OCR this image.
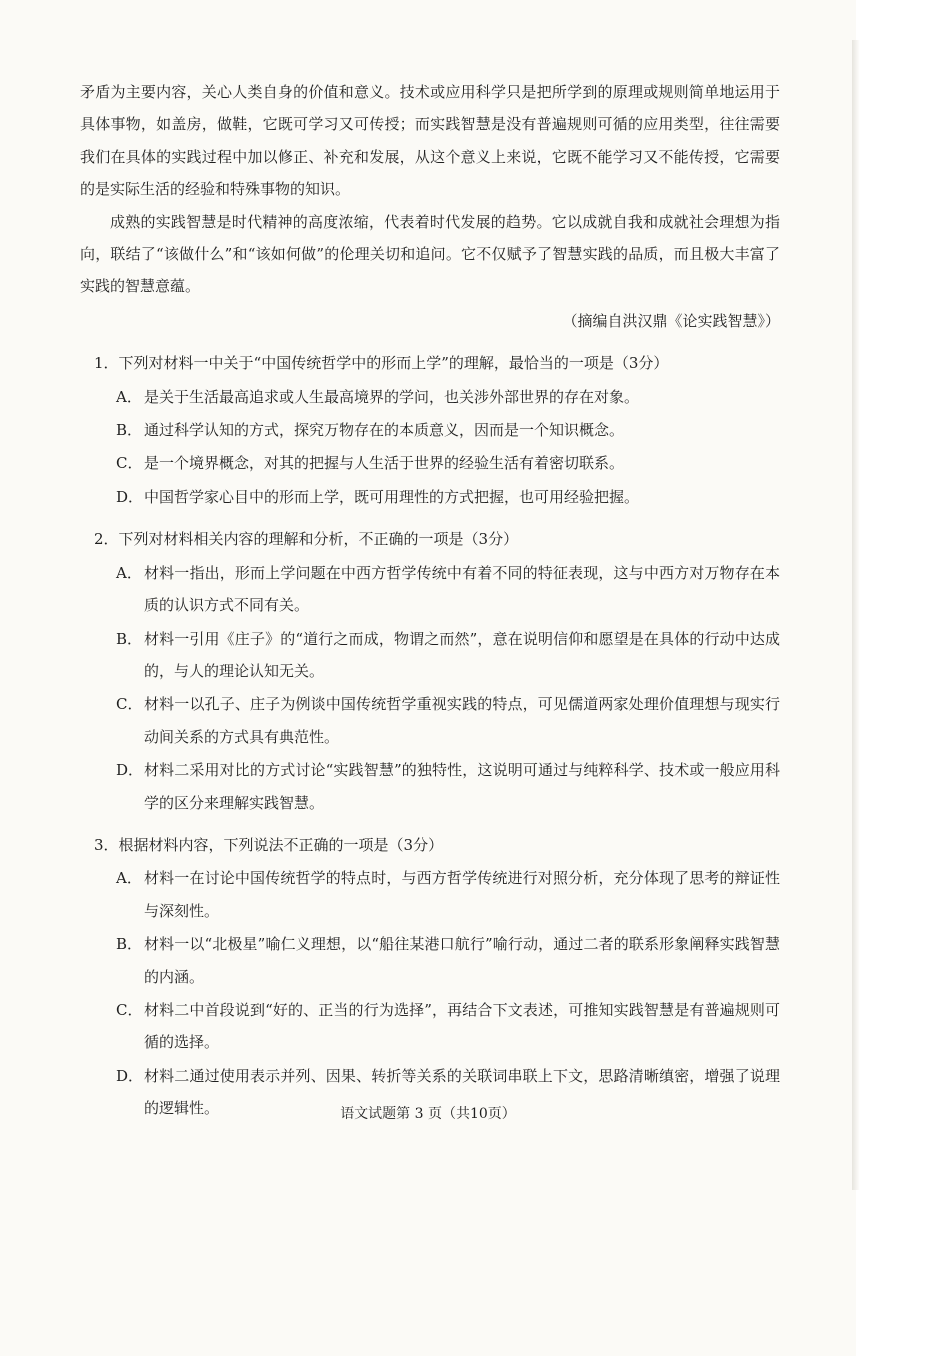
矛盾为主要内容，关心人类自身的价值和意义。技术或应用科学只是把所学到的原理或规则简单地运用于具体事物，如盖房，做鞋，它既可学习又可传授；而实践智慧是没有普遍规则可循的应用类型，往往需要我们在具体的实践过程中加以修正、补充和发展，从这个意义上来说，它既不能学习又不能传授，它需要的是实际生活的经验和特殊事物的知识。

成熟的实践智慧是时代精神的高度浓缩，代表着时代发展的趋势。它以成就自我和成就社会理想为指向，联结了“该做什么”和“该如何做”的伦理关切和追问。它不仅赋予了智慧实践的品质，而且极大丰富了实践的智慧意蕴。

（摘编自洪汉鼎《论实践智慧》）

1．下列对材料一中关于“中国传统哲学中的形而上学”的理解，最恰当的一项是（3分）

A． 是关于生活最高追求或人生最高境界的学问，也关涉外部世界的存在对象。

B． 通过科学认知的方式，探究万物存在的本质意义，因而是一个知识概念。

C． 是一个境界概念，对其的把握与人生活于世界的经验生活有着密切联系。

D． 中国哲学家心目中的形而上学，既可用理性的方式把握，也可用经验把握。

2．下列对材料相关内容的理解和分析，不正确的一项是（3分）

A． 材料一指出，形而上学问题在中西方哲学传统中有着不同的特征表现，这与中西方对万物存在本质的认识方式不同有关。

B． 材料一引用《庄子》的“道行之而成，物谓之而然”，意在说明信仰和愿望是在具体的行动中达成的，与人的理论认知无关。

C． 材料一以孔子、庄子为例谈中国传统哲学重视实践的特点，可见儒道两家处理价值理想与现实行动间关系的方式具有典范性。

D． 材料二采用对比的方式讨论“实践智慧”的独特性，这说明可通过与纯粹科学、技术或一般应用科学的区分来理解实践智慧。

3．根据材料内容，下列说法不正确的一项是（3分）

A． 材料一在讨论中国传统哲学的特点时，与西方哲学传统进行对照分析，充分体现了思考的辩证性与深刻性。

B． 材料一以“北极星”喻仁义理想，以“船往某港口航行”喻行动，通过二者的联系形象阐释实践智慧的内涵。

C． 材料二中首段说到“好的、正当的行为选择”，再结合下文表述，可推知实践智慧是有普遍规则可循的选择。

D． 材料二通过使用表示并列、因果、转折等关系的关联词串联上下文，思路清晰缜密，增强了说理的逻辑性。	语文试题第 3 页（共10页）
